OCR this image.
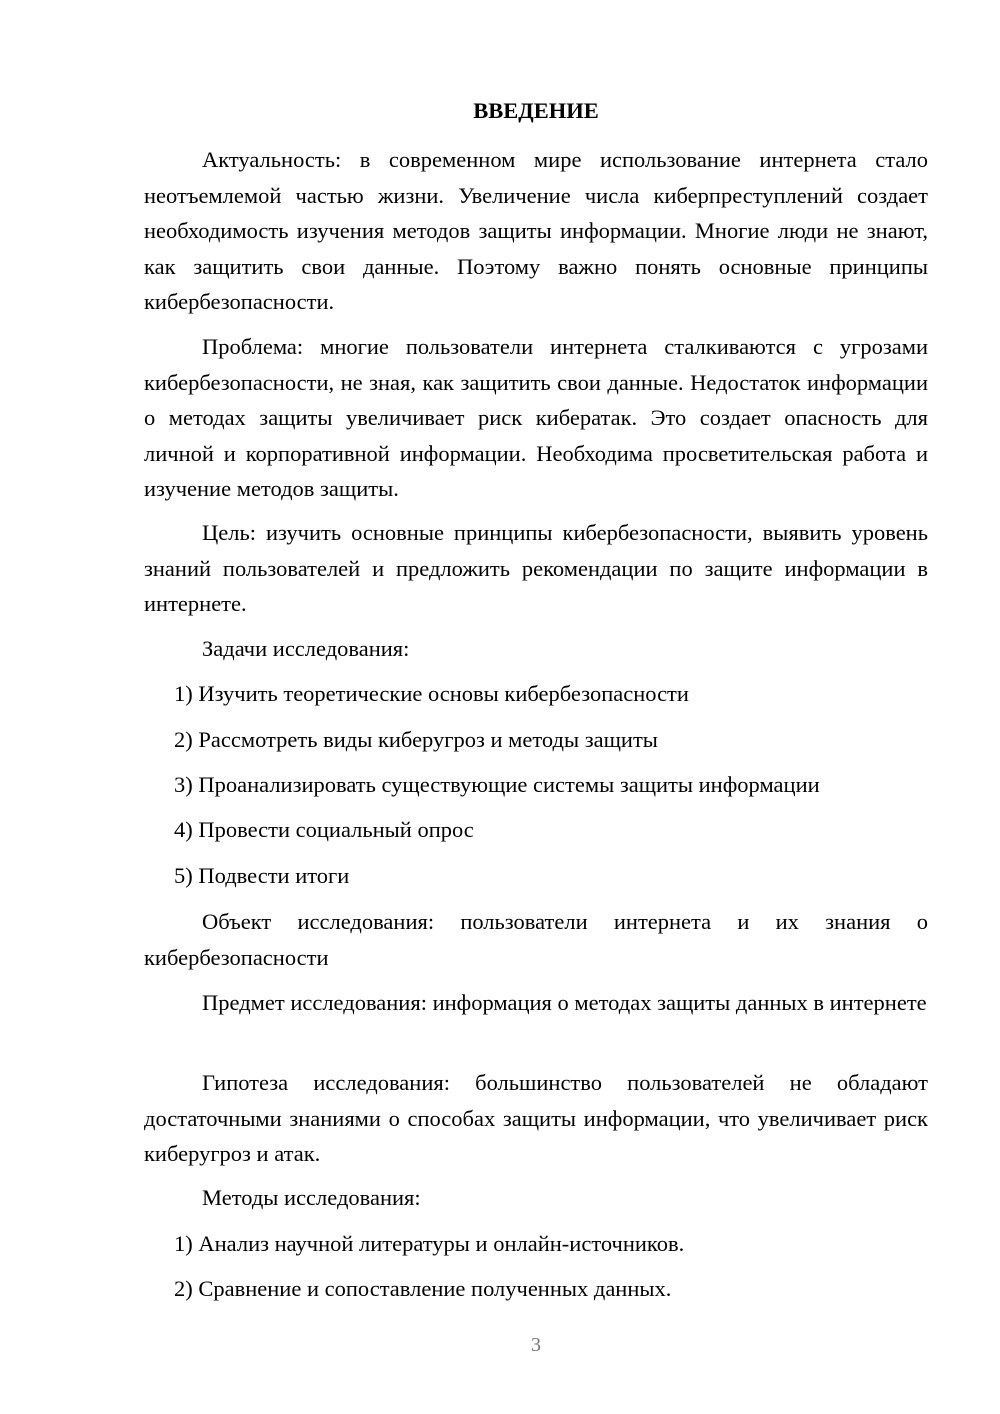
ВВЕДЕНИЕ

Актуальность: в современном мире использование интернета стало неотъемлемой частью жизни. Увеличение числа киберпреступлений создает необходимость изучения методов защиты информации. Многие люди не знают, как защитить свои данные. Поэтому важно понять основные принципы кибербезопасности.

Проблема: многие пользователи интернета сталкиваются с угрозами кибербезопасности, не зная, как защитить свои данные. Недостаток информации о методах защиты увеличивает риск кибератак. Это создает опасность для личной и корпоративной информации. Необходима просветительская работа и изучение методов защиты.

Цель: изучить основные принципы кибербезопасности, выявить уровень знаний пользователей и предложить рекомендации по защите информации в интернете.

Задачи исследования:

1) Изучить теоретические основы кибербезопасности

2) Рассмотреть виды киберугроз и методы защиты

3) Проанализировать существующие системы защиты информации

4) Провести социальный опрос

5) Подвести итоги

Объект исследования: пользователи интернета и их знания о кибербезопасности

Предмет исследования: информация о методах защиты данных в интернете

Гипотеза исследования: большинство пользователей не обладают достаточными знаниями о способах защиты информации, что увеличивает риск киберугроз и атак.

Методы исследования:

1) Анализ научной литературы и онлайн-источников.

2) Сравнение и сопоставление полученных данных.

3
